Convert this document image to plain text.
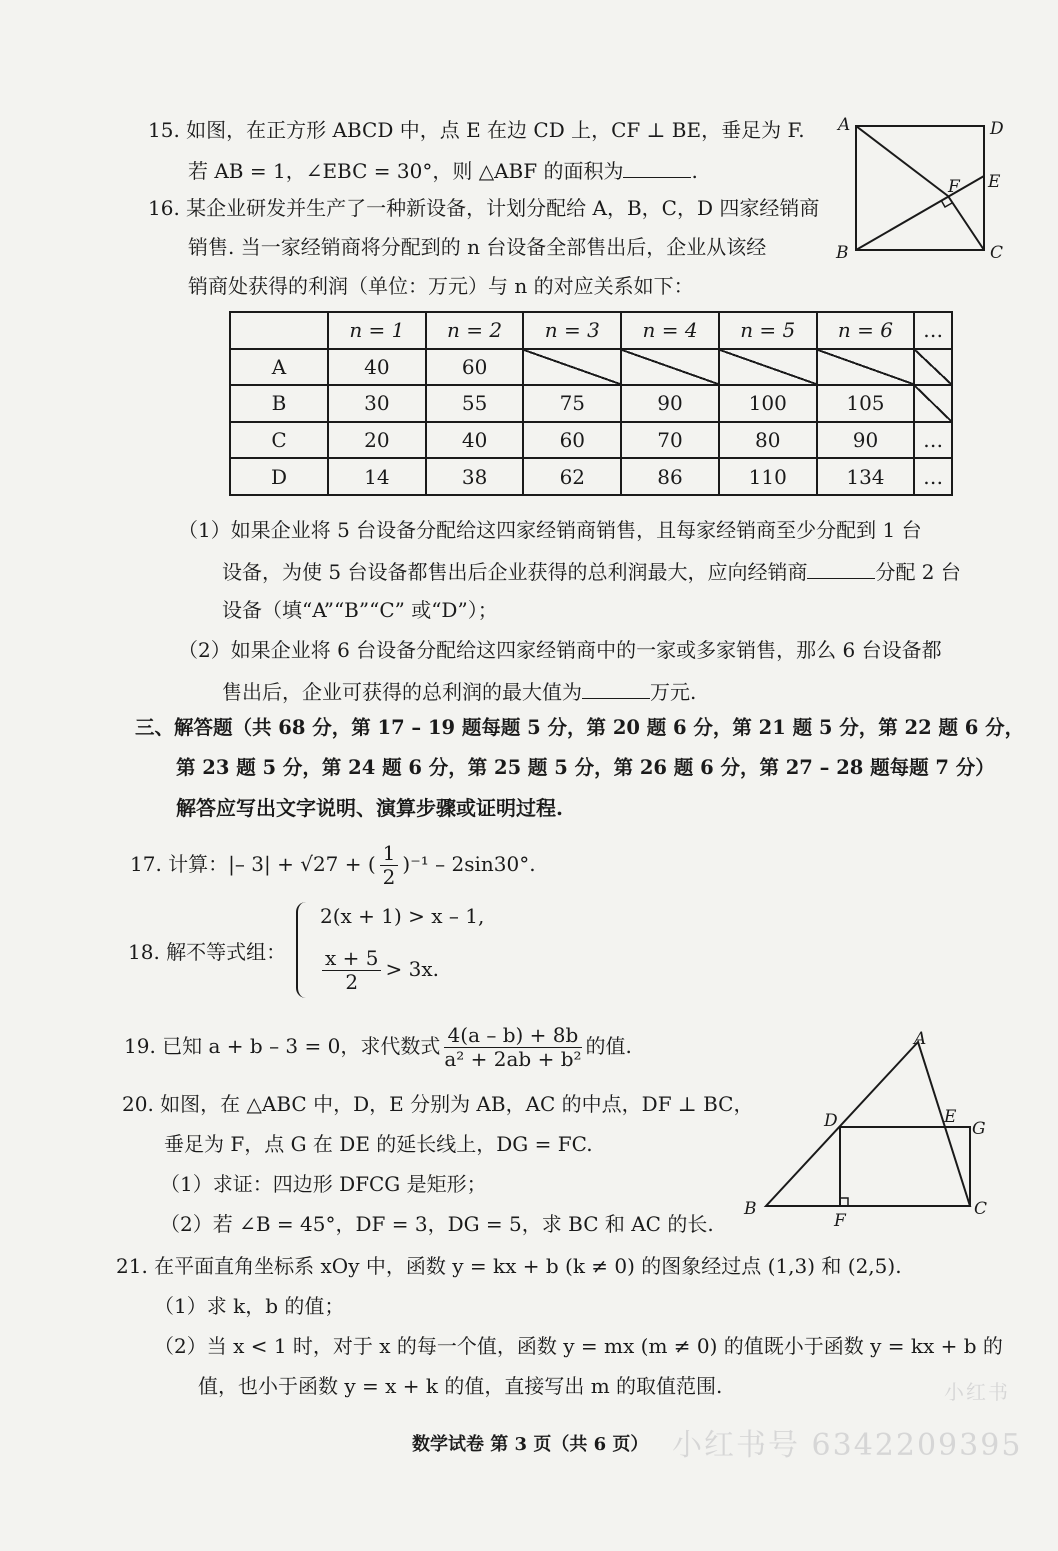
15. 如图，在正方形 ABCD 中，点 E 在边 CD 上，CF ⊥ BE，垂足为 F.
若 AB = 1，∠EBC = 30°，则 △ABF 的面积为	.
A	D
E
F
B	C
16. 某企业研发并生产了一种新设备，计划分配给 A，B，C，D 四家经销商
销售. 当一家经销商将分配到的 n 台设备全部售出后，企业从该经
销商处获得的利润（单位：万元）与 n 的对应关系如下：
	n = 1	n = 2	n = 3	n = 4	n = 5	n = 6	…
A	40	60					
B	30	55	75	90	100	105	
C	20	40	60	70	80	90	…
D	14	38	62	86	110	134	…
（1）如果企业将 5 台设备分配给这四家经销商销售，且每家经销商至少分配到 1 台
设备，为使 5 台设备都售出后企业获得的总利润最大，应向经销商	分配 2 台
设备（填“A”“B”“C” 或“D”）；
（2）如果企业将 6 台设备分配给这四家经销商中的一家或多家销售，那么 6 台设备都
售出后，企业可获得的总利润的最大值为	万元.
三、解答题（共 68 分，第 17 – 19 题每题 5 分，第 20 题 6 分，第 21 题 5 分，第 22 题 6 分，
第 23 题 5 分，第 24 题 6 分，第 25 题 5 分，第 26 题 6 分，第 27 – 28 题每题 7 分）
解答应写出文字说明、演算步骤或证明过程.
17. 计算：|– 3| + √27 + ( $\frac{1}{2} )^{-1} - 2\sin 30^\circ$.
18. 解不等式组：
2(x + 1) > x – 1,
$\frac{x + 5}{2} > 3x$.
19. 已知 a + b – 3 = 0，求代数式 $\frac{4(a - b) + 8b}{\text{a² + 2ab + b²}}$ 的值.
20. 如图，在 △ABC 中，D，E 分别为 AB，AC 的中点，DF ⊥ BC，
垂足为 F，点 G 在 DE 的延长线上，DG = FC.
（1）求证：四边形 DFCG 是矩形；
（2）若 ∠B = 45°，DF = 3，DG = 5，求 BC 和 AC 的长.
A
D	E
G
B
F
C
21. 在平面直角坐标系 xOy 中，函数 y = kx + b (k ≠ 0) 的图象经过点 (1,3) 和 (2,5).
（1）求 k，b 的值；
（2）当 x < 1 时，对于 x 的每一个值，函数 y = mx (m ≠ 0) 的值既小于函数 y = kx + b 的
值，也小于函数 y = x + k 的值，直接写出 m 的取值范围.
数学试卷 第 3 页（共 6 页） 小红书号 6342209395
小红书
